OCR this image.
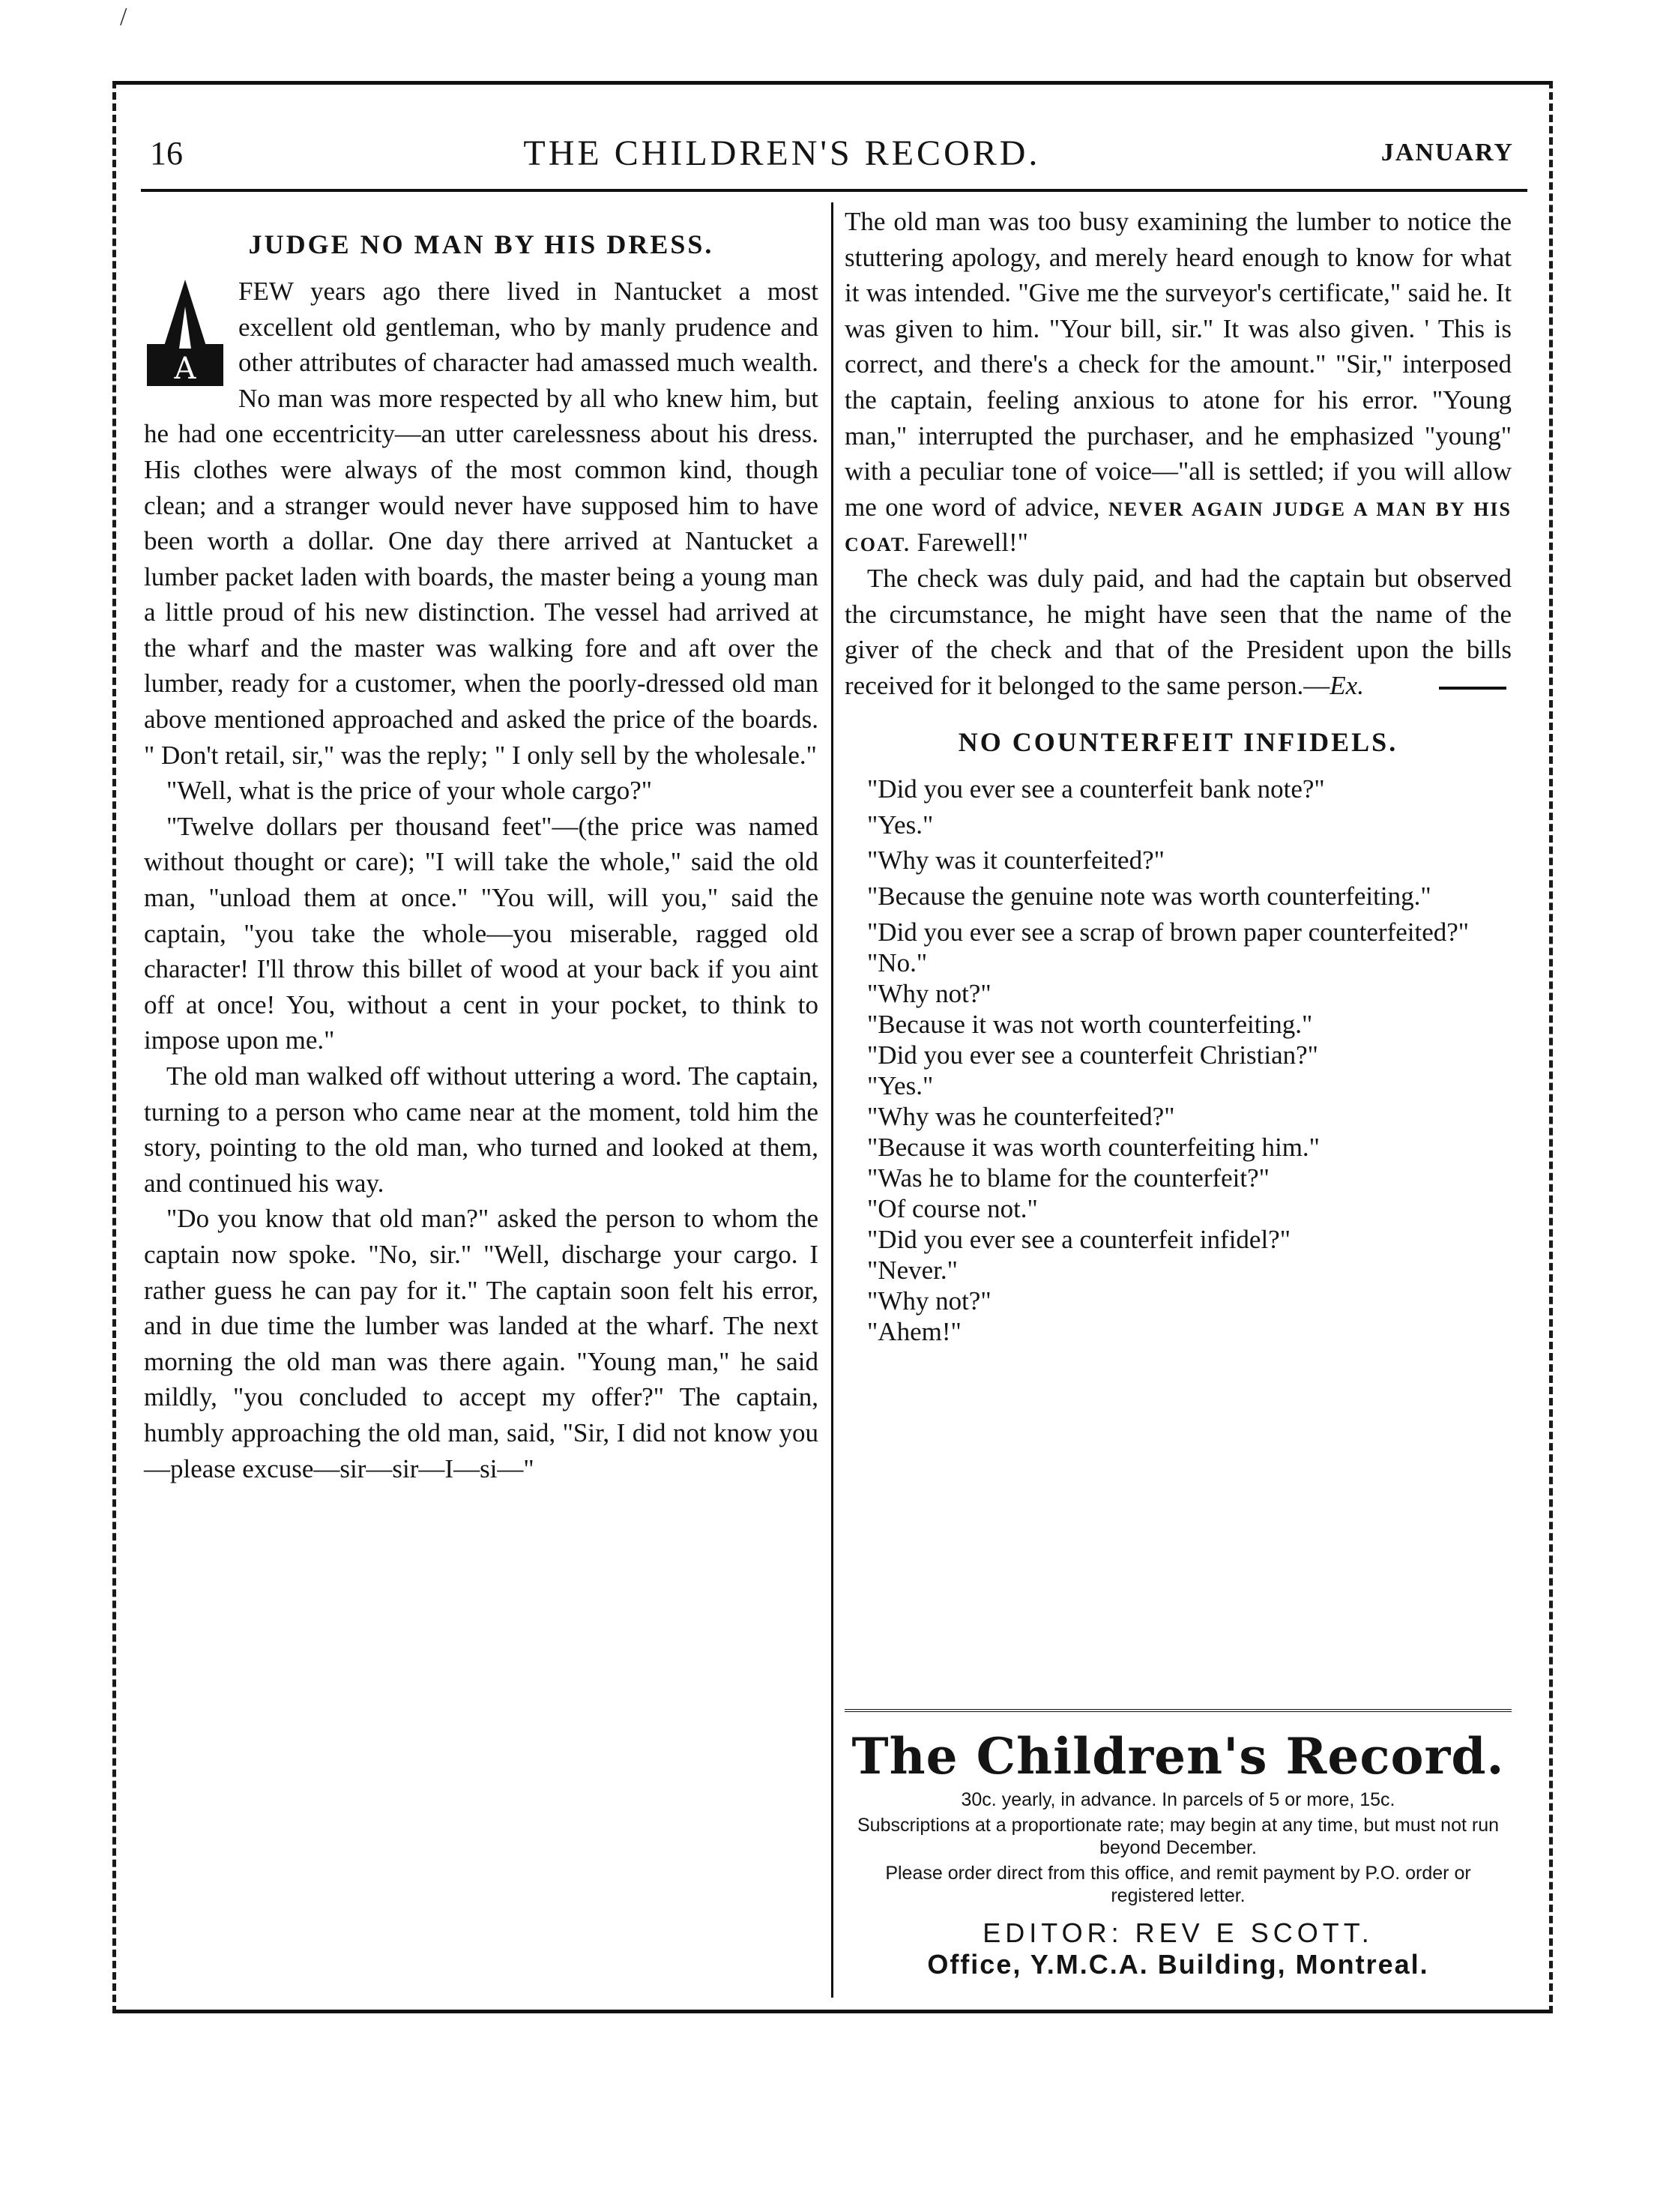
/
16	THE CHILDREN'S RECORD.	JANUARY
JUDGE NO MAN BY HIS DRESS.
A

FEW years ago there lived in Nantucket a most excellent old gentleman, who by manly prudence and other attributes of character had amassed much wealth. No man was more respected by all who knew him, but he had one eccentricity—an utter carelessness about his dress. His clothes were always of the most common kind, though clean; and a stranger would never have supposed him to have been worth a dollar. One day there arrived at Nantucket a lumber packet laden with boards, the master being a young man a little proud of his new distinction. The vessel had arrived at the wharf and the master was walking fore and aft over the lumber, ready for a customer, when the poorly-dressed old man above mentioned approached and asked the price of the boards. " Don't retail, sir," was the reply; " I only sell by the wholesale."

"Well, what is the price of your whole cargo?"

"Twelve dollars per thousand feet"—(the price was named without thought or care); "I will take the whole," said the old man, "unload them at once." "You will, will you," said the captain, "you take the whole—you miserable, ragged old character! I'll throw this billet of wood at your back if you aint off at once! You, without a cent in your pocket, to think to impose upon me."

The old man walked off without uttering a word. The captain, turning to a person who came near at the moment, told him the story, pointing to the old man, who turned and looked at them, and continued his way.

"Do you know that old man?" asked the person to whom the captain now spoke. "No, sir." "Well, discharge your cargo. I rather guess he can pay for it." The captain soon felt his error, and in due time the lumber was landed at the wharf. The next morning the old man was there again. "Young man," he said mildly, "you concluded to accept my offer?" The captain, humbly approaching the old man, said, "Sir, I did not know you—please excuse—sir—sir—I—si—"

The old man was too busy examining the lumber to notice the stuttering apology, and merely heard enough to know for what it was intended. "Give me the surveyor's certificate," said he. It was given to him. "Your bill, sir." It was also given. ' This is correct, and there's a check for the amount." "Sir," interposed the captain, feeling anxious to atone for his error. "Young man," interrupted the purchaser, and he emphasized "young" with a peculiar tone of voice—"all is settled; if you will allow me one word of advice, NEVER AGAIN JUDGE A MAN BY HIS COAT. Farewell!"

The check was duly paid, and had the captain but observed the circumstance, he might have seen that the name of the giver of the check and that of the President upon the bills received for it belonged to the same person.—Ex.

NO COUNTERFEIT INFIDELS.

"Did you ever see a counterfeit bank note?"

"Yes."

"Why was it counterfeited?"

"Because the genuine note was worth counterfeiting."

"Did you ever see a scrap of brown paper counterfeited?"

"No."

"Why not?"

"Because it was not worth counterfeiting."

"Did you ever see a counterfeit Christian?"

"Yes."

"Why was he counterfeited?"

"Because it was worth counterfeiting him."

"Was he to blame for the counterfeit?"

"Of course not."

"Did you ever see a counterfeit infidel?"

"Never."

"Why not?"

"Ahem!"

The Children's Record.
30c. yearly, in advance. In parcels of 5 or more, 15c.
Subscriptions at a proportionate rate; may begin at any time, but must not run beyond December.
Please order direct from this office, and remit payment by P.O. order or registered letter.
EDITOR: REV E SCOTT.
Office, Y.M.C.A. Building, Montreal.
